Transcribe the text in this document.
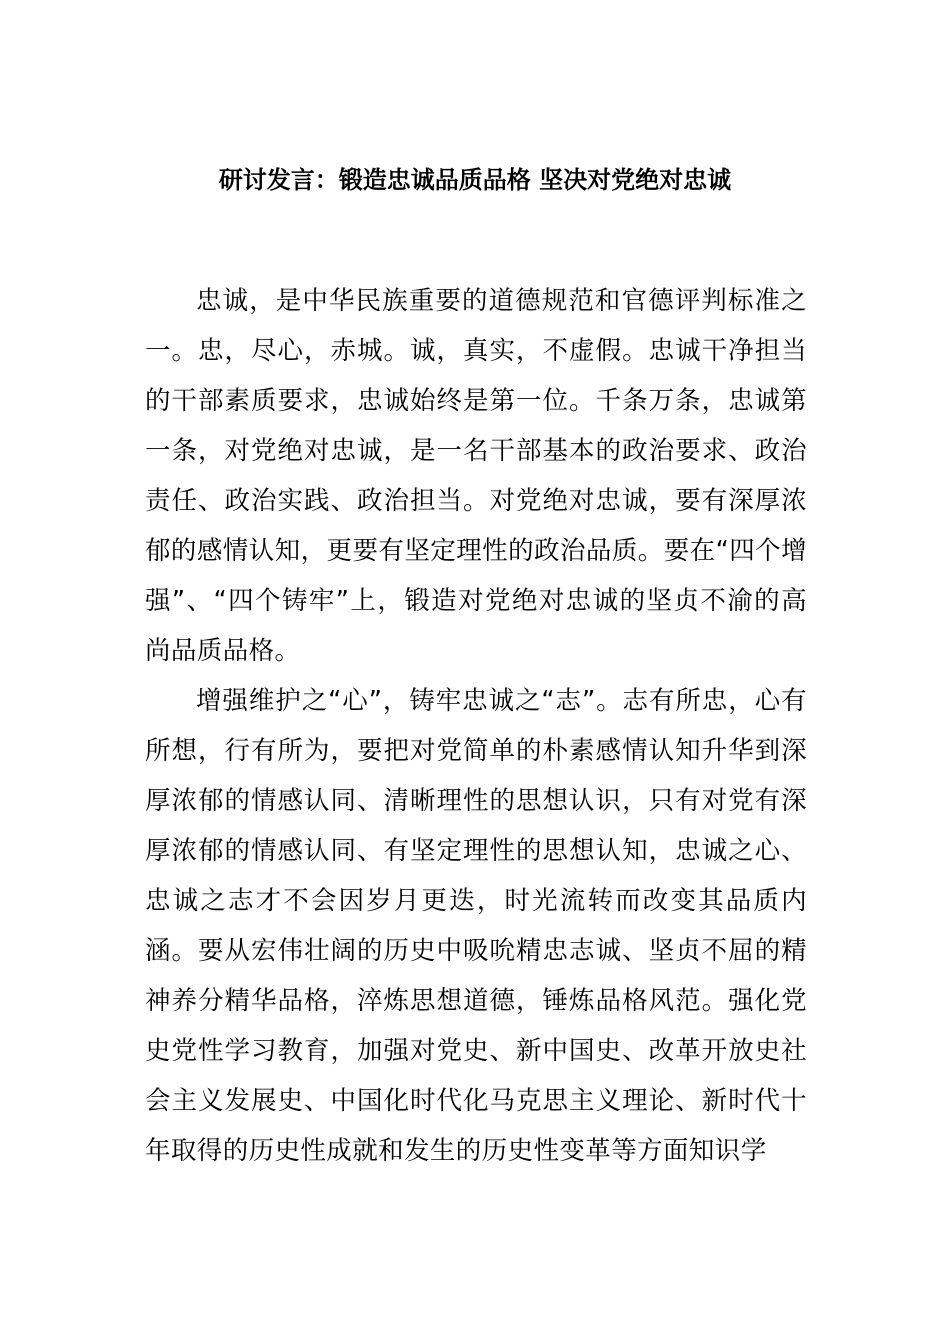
研讨发言：锻造忠诚品质品格 坚决对党绝对忠诚

忠诚，是中华民族重要的道德规范和官德评判标准之一。忠，尽心，赤城。诚，真实，不虚假。忠诚干净担当的干部素质要求，忠诚始终是第一位。千条万条，忠诚第一条，对党绝对忠诚，是一名干部基本的政治要求、政治责任、政治实践、政治担当。对党绝对忠诚，要有深厚浓郁的感情认知，更要有坚定理性的政治品质。要在“四个增强”、“四个铸牢”上，锻造对党绝对忠诚的坚贞不渝的高尚品质品格。

增强维护之“心”，铸牢忠诚之“志”。志有所忠，心有所想，行有所为，要把对党简单的朴素感情认知升华到深厚浓郁的情感认同、清晰理性的思想认识，只有对党有深厚浓郁的情感认同、有坚定理性的思想认知，忠诚之心、忠诚之志才不会因岁月更迭，时光流转而改变其品质内涵。要从宏伟壮阔的历史中吸吮精忠志诚、坚贞不屈的精神养分精华品格，淬炼思想道德，锤炼品格风范。强化党史党性学习教育，加强对党史、新中国史、改革开放史社会主义发展史、中国化时代化马克思主义理论、新时代十年取得的历史性成就和发生的历史性变革等方面知识学
